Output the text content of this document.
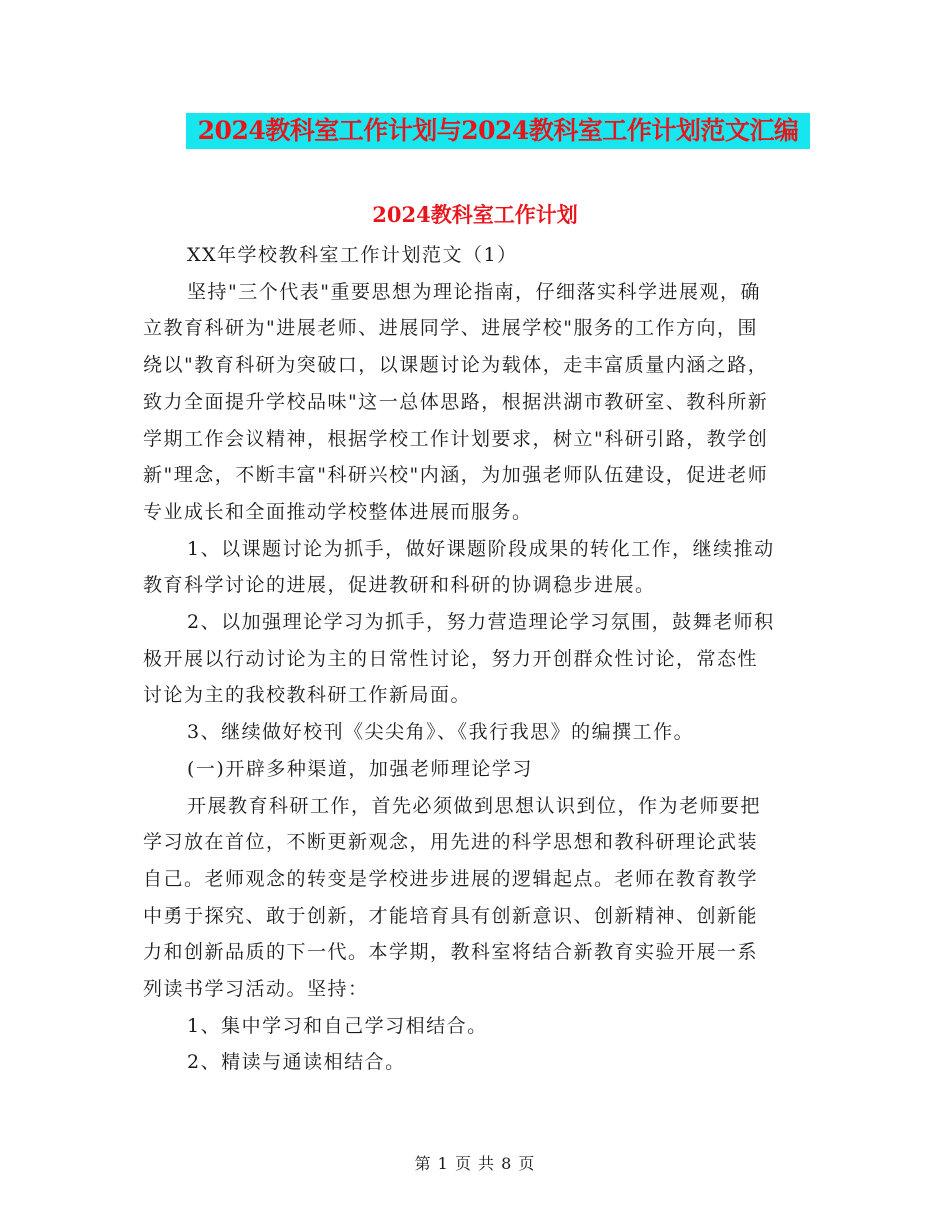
2024教科室工作计划与2024教科室工作计划范文汇编
2024教科室工作计划

XX年学校教科室工作计划范文（1）

坚持"三个代表"重要思想为理论指南，仔细落实科学进展观，确
立教育科研为"进展老师、进展同学、进展学校"服务的工作方向，围
绕以"教育科研为突破口，以课题讨论为载体，走丰富质量内涵之路，
致力全面提升学校品味"这一总体思路，根据洪湖市教研室、教科所新
学期工作会议精神，根据学校工作计划要求，树立"科研引路，教学创
新"理念，不断丰富"科研兴校"内涵，为加强老师队伍建设，促进老师
专业成长和全面推动学校整体进展而服务。

1、以课题讨论为抓手，做好课题阶段成果的转化工作，继续推动
教育科学讨论的进展，促进教研和科研的协调稳步进展。

2、以加强理论学习为抓手，努力营造理论学习氛围，鼓舞老师积
极开展以行动讨论为主的日常性讨论，努力开创群众性讨论，常态性
讨论为主的我校教科研工作新局面。

3、继续做好校刊《尖尖角》、《我行我思》的编撰工作。

(一)开辟多种渠道，加强老师理论学习

开展教育科研工作，首先必须做到思想认识到位，作为老师要把
学习放在首位，不断更新观念，用先进的科学思想和教科研理论武装
自己。老师观念的转变是学校进步进展的逻辑起点。老师在教育教学
中勇于探究、敢于创新，才能培育具有创新意识、创新精神、创新能
力和创新品质的下一代。本学期，教科室将结合新教育实验开展一系
列读书学习活动。坚持：

1、集中学习和自己学习相结合。

2、精读与通读相结合。

第 1 页 共 8 页
